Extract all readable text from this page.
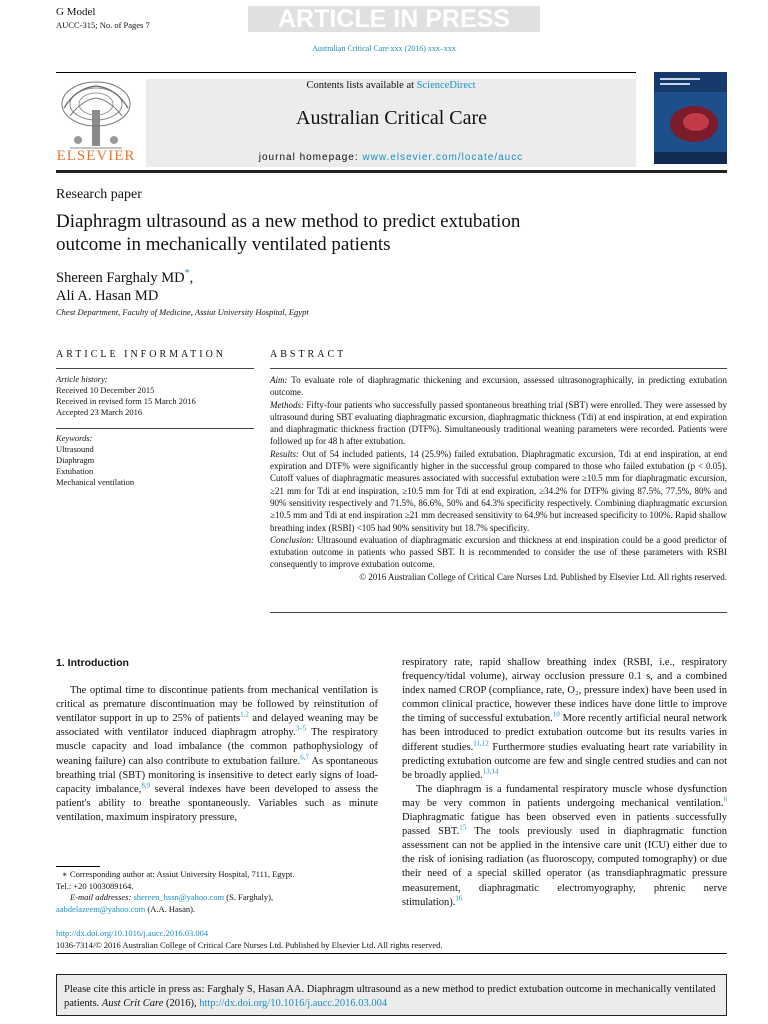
G Model
AUCC-315; No. of Pages 7	ARTICLE IN PRESS
Australian Critical Care xxx (2016) xxx–xxx
ELSEVIER
Contents lists available at ScienceDirect
Australian Critical Care
journal homepage: www.elsevier.com/locate/aucc
Research paper
Diaphragm ultrasound as a new method to predict extubation
outcome in mechanically ventilated patients
Shereen Farghaly MD*,
Ali A. Hasan MD
Chest Department, Faculty of Medicine, Assiut University Hospital, Egypt
ARTICLE INFORMATION	ABSTRACT
Article history:
Received 10 December 2015
Received in revised form 15 March 2016
Accepted 23 March 2016
Keywords:
Ultrasound
Diaphragm
Extubation
Mechanical ventilation

Aim: To evaluate role of diaphragmatic thickening and excursion, assessed ultrasonographically, in predicting extubation outcome.

Methods: Fifty-four patients who successfully passed spontaneous breathing trial (SBT) were enrolled. They were assessed by ultrasound during SBT evaluating diaphragmatic excursion, diaphragmatic thickness (Tdi) at end inspiration, at end expiration and diaphragmatic thickness fraction (DTF%). Simultaneously traditional weaning parameters were recorded. Patients were followed up for 48 h after extubation.

Results: Out of 54 included patients, 14 (25.9%) failed extubation. Diaphragmatic excursion, Tdi at end inspiration, at end expiration and DTF% were significantly higher in the successful group compared to those who failed extubation (p < 0.05). Cutoff values of diaphragmatic measures associated with successful extubation were ≥10.5 mm for diaphragmatic excursion, ≥21 mm for Tdi at end inspiration, ≥10.5 mm for Tdi at end expiration, ≥34.2% for DTF% giving 87.5%, 77.5%, 80% and 90% sensitivity respectively and 71.5%, 86.6%, 50% and 64.3% specificity respectively. Combining diaphragmatic excursion ≥10.5 mm and Tdi at end inspiration ≥21 mm decreased sensitivity to 64.9% but increased specificity to 100%. Rapid shallow breathing index (RSBI) <105 had 90% sensitivity but 18.7% specificity.

Conclusion: Ultrasound evaluation of diaphragmatic excursion and thickness at end inspiration could be a good predictor of extubation outcome in patients who passed SBT. It is recommended to consider the use of these parameters with RSBI consequently to improve extubation outcome.

© 2016 Australian College of Critical Care Nurses Ltd. Published by Elsevier Ltd. All rights reserved.

1. Introduction

The optimal time to discontinue patients from mechanical ventilation is critical as premature discontinuation may be followed by reinstitution of ventilator support in up to 25% of patients$^{1,2}$ and delayed weaning may be associated with ventilator induced diaphragm atrophy.$^{3-5}$ The respiratory muscle capacity and load imbalance (the common pathophysiology of weaning failure) can also contribute to extubation failure.$^{6,7}$ As spontaneous breathing trial (SBT) monitoring is insensitive to detect early signs of load-capacity imbalance,$^{8,9}$ several indexes have been developed to assess the patient's ability to breathe spontaneously. Variables such as minute ventilation, maximum inspiratory pressure,

respiratory rate, rapid shallow breathing index (RSBI, i.e., respiratory frequency/tidal volume), airway occlusion pressure 0.1 s, and a combined index named CROP (compliance, rate, O₂, pressure index) have been used in common clinical practice, however these indices have done little to improve the timing of successful extubation.$^{10}$ More recently artificial neural network has been introduced to predict extubation outcome but its results varies in different studies.$^{11,12}$ Furthermore studies evaluating heart rate variability in predicting extubation outcome are few and single centred studies and can not be broadly applied.$^{13,14}$

The diaphragm is a fundamental respiratory muscle whose dysfunction may be very common in patients undergoing mechanical ventilation.$^6$ Diaphragmatic fatigue has been observed even in patients successfully passed SBT.$^{15}$ The tools previously used in diaphragmatic function assessment can not be applied in the intensive care unit (ICU) either due to the risk of ionising radiation (as fluoroscopy, computed tomography) or due their need of a special skilled operator (as transdiaphragmatic pressure measurement, diaphragmatic electromyography, phrenic nerve stimulation).$^{16}$

∗ Corresponding author at: Assiut University Hospital, 7111, Egypt.
Tel.: +20 1003089164.
E-mail addresses: shereen_hssn@yahoo.com (S. Farghaly),
aabdelazeem@yahoo.com (A.A. Hasan).
http://dx.doi.org/10.1016/j.aucc.2016.03.004
1036-7314/© 2016 Australian College of Critical Care Nurses Ltd. Published by Elsevier Ltd. All rights reserved.
Please cite this article in press as: Farghaly S, Hasan AA. Diaphragm ultrasound as a new method to predict extubation outcome in mechanically ventilated patients. Aust Crit Care (2016), http://dx.doi.org/10.1016/j.aucc.2016.03.004
